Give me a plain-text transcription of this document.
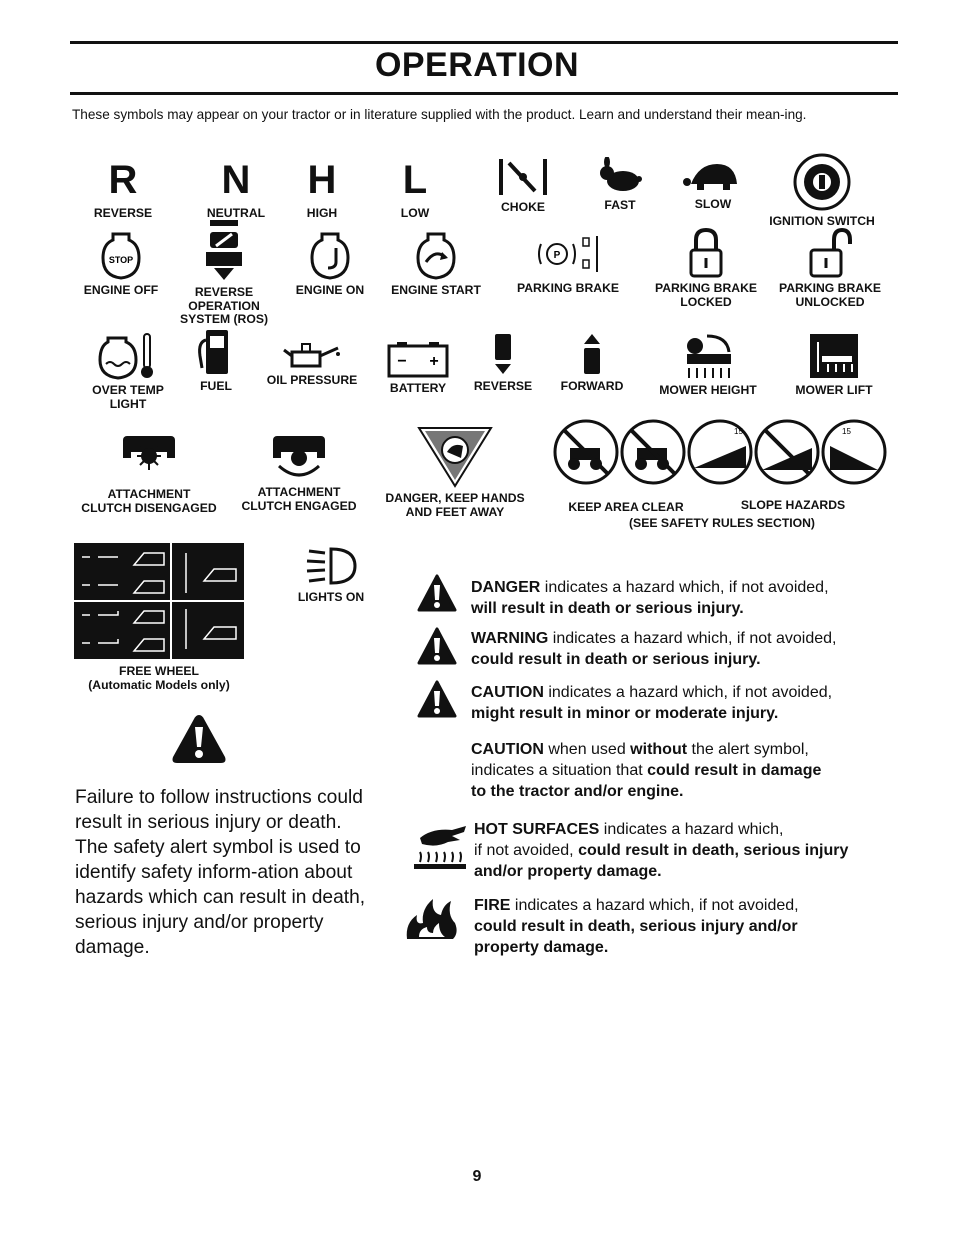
OPERATION
These symbols may appear on your tractor or in literature supplied with the product. Learn and understand their mean-ing.
R
REVERSE
N
NEUTRAL
H
HIGH
L
LOW	CHOKE	FAST	SLOW
IGNITION SWITCH
STOP
ENGINE OFF	REVERSE
OPERATION
SYSTEM (ROS)
ENGINE ON	ENGINE START
P
PARKING BRAKE	PARKING BRAKE
LOCKED
PARKING BRAKE
UNLOCKED
OVER TEMP
LIGHT
FUEL	OIL PRESSURE
− +
BATTERY	REVERSE	FORWARD	MOWER HEIGHT	MOWER LIFT
ATTACHMENT
CLUTCH DISENGAGED
ATTACHMENT
CLUTCH ENGAGED
DANGER, KEEP HANDS
AND FEET AWAY
15	15
KEEP AREA CLEAR	SLOPE HAZARDS
(SEE SAFETY RULES SECTION)
FREE WHEEL
(Automatic Models only)
LIGHTS ON
Failure to follow instructions could result in serious injury or death. The safety alert symbol is used to identify safety inform-ation about hazards which can result in death, serious injury and/or property damage.
DANGER indicates a hazard which, if not avoided,
will result in death or serious injury.
WARNING indicates a hazard which, if not avoided,
could result in death or serious injury.
CAUTION indicates a hazard which, if not avoided,
might result in minor or moderate injury.
CAUTION when used without the alert symbol,
indicates a situation that could result in damage
to the tractor and/or engine.
HOT SURFACES indicates a hazard which,
if not avoided, could result in death, serious injury
and/or property damage.
FIRE indicates a hazard which, if not avoided,
could result in death, serious injury and/or
property damage.
9
